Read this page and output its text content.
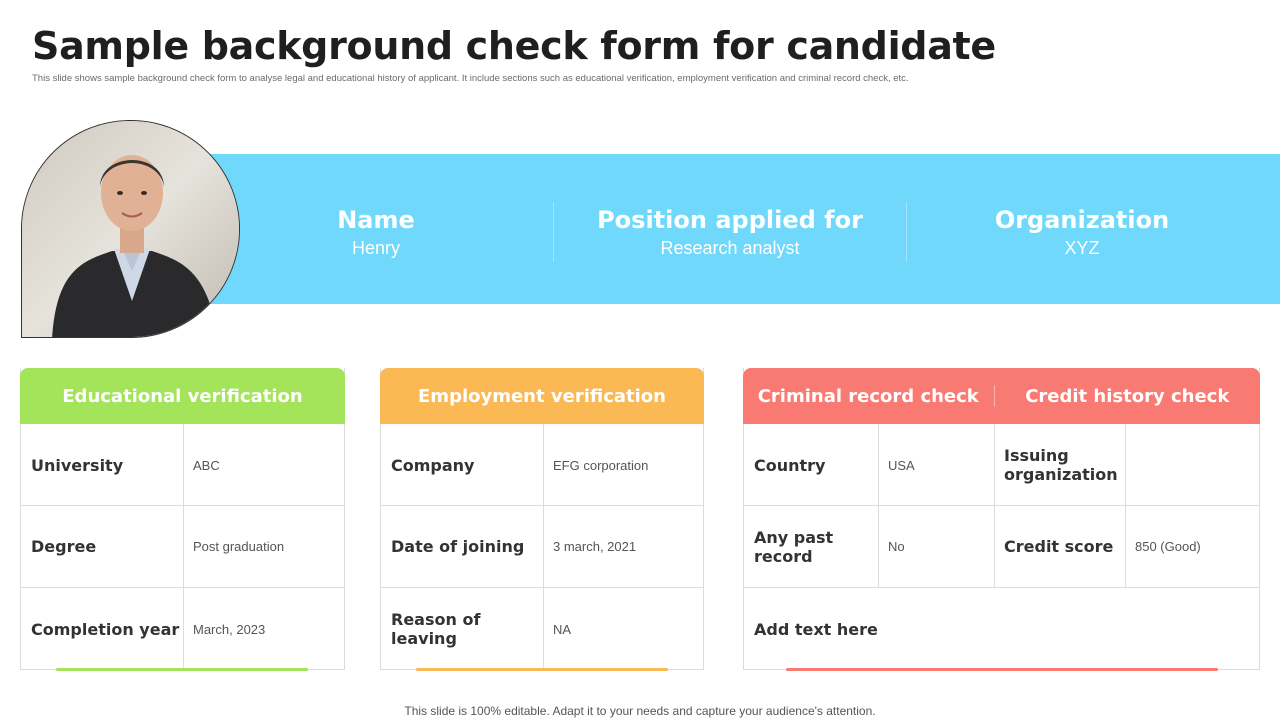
Sample background check form for candidate
This slide shows sample background check form to analyse legal and educational history of applicant. It include sections such as educational verification, employment verification and criminal record check, etc.
Name
Henry
Position applied for
Research analyst
Organization
XYZ
Educational verification
University	ABC
Degree	Post graduation
Completion year	March, 2023
Employment verification
Company	EFG corporation
Date of joining	3 march, 2021
Reason of leaving	NA
Criminal record check	Credit history check
Country	USA	Issuing organization
Any past record	No	Credit score	850 (Good)
Add text here
This slide is 100% editable. Adapt it to your needs and capture your audience's attention.
